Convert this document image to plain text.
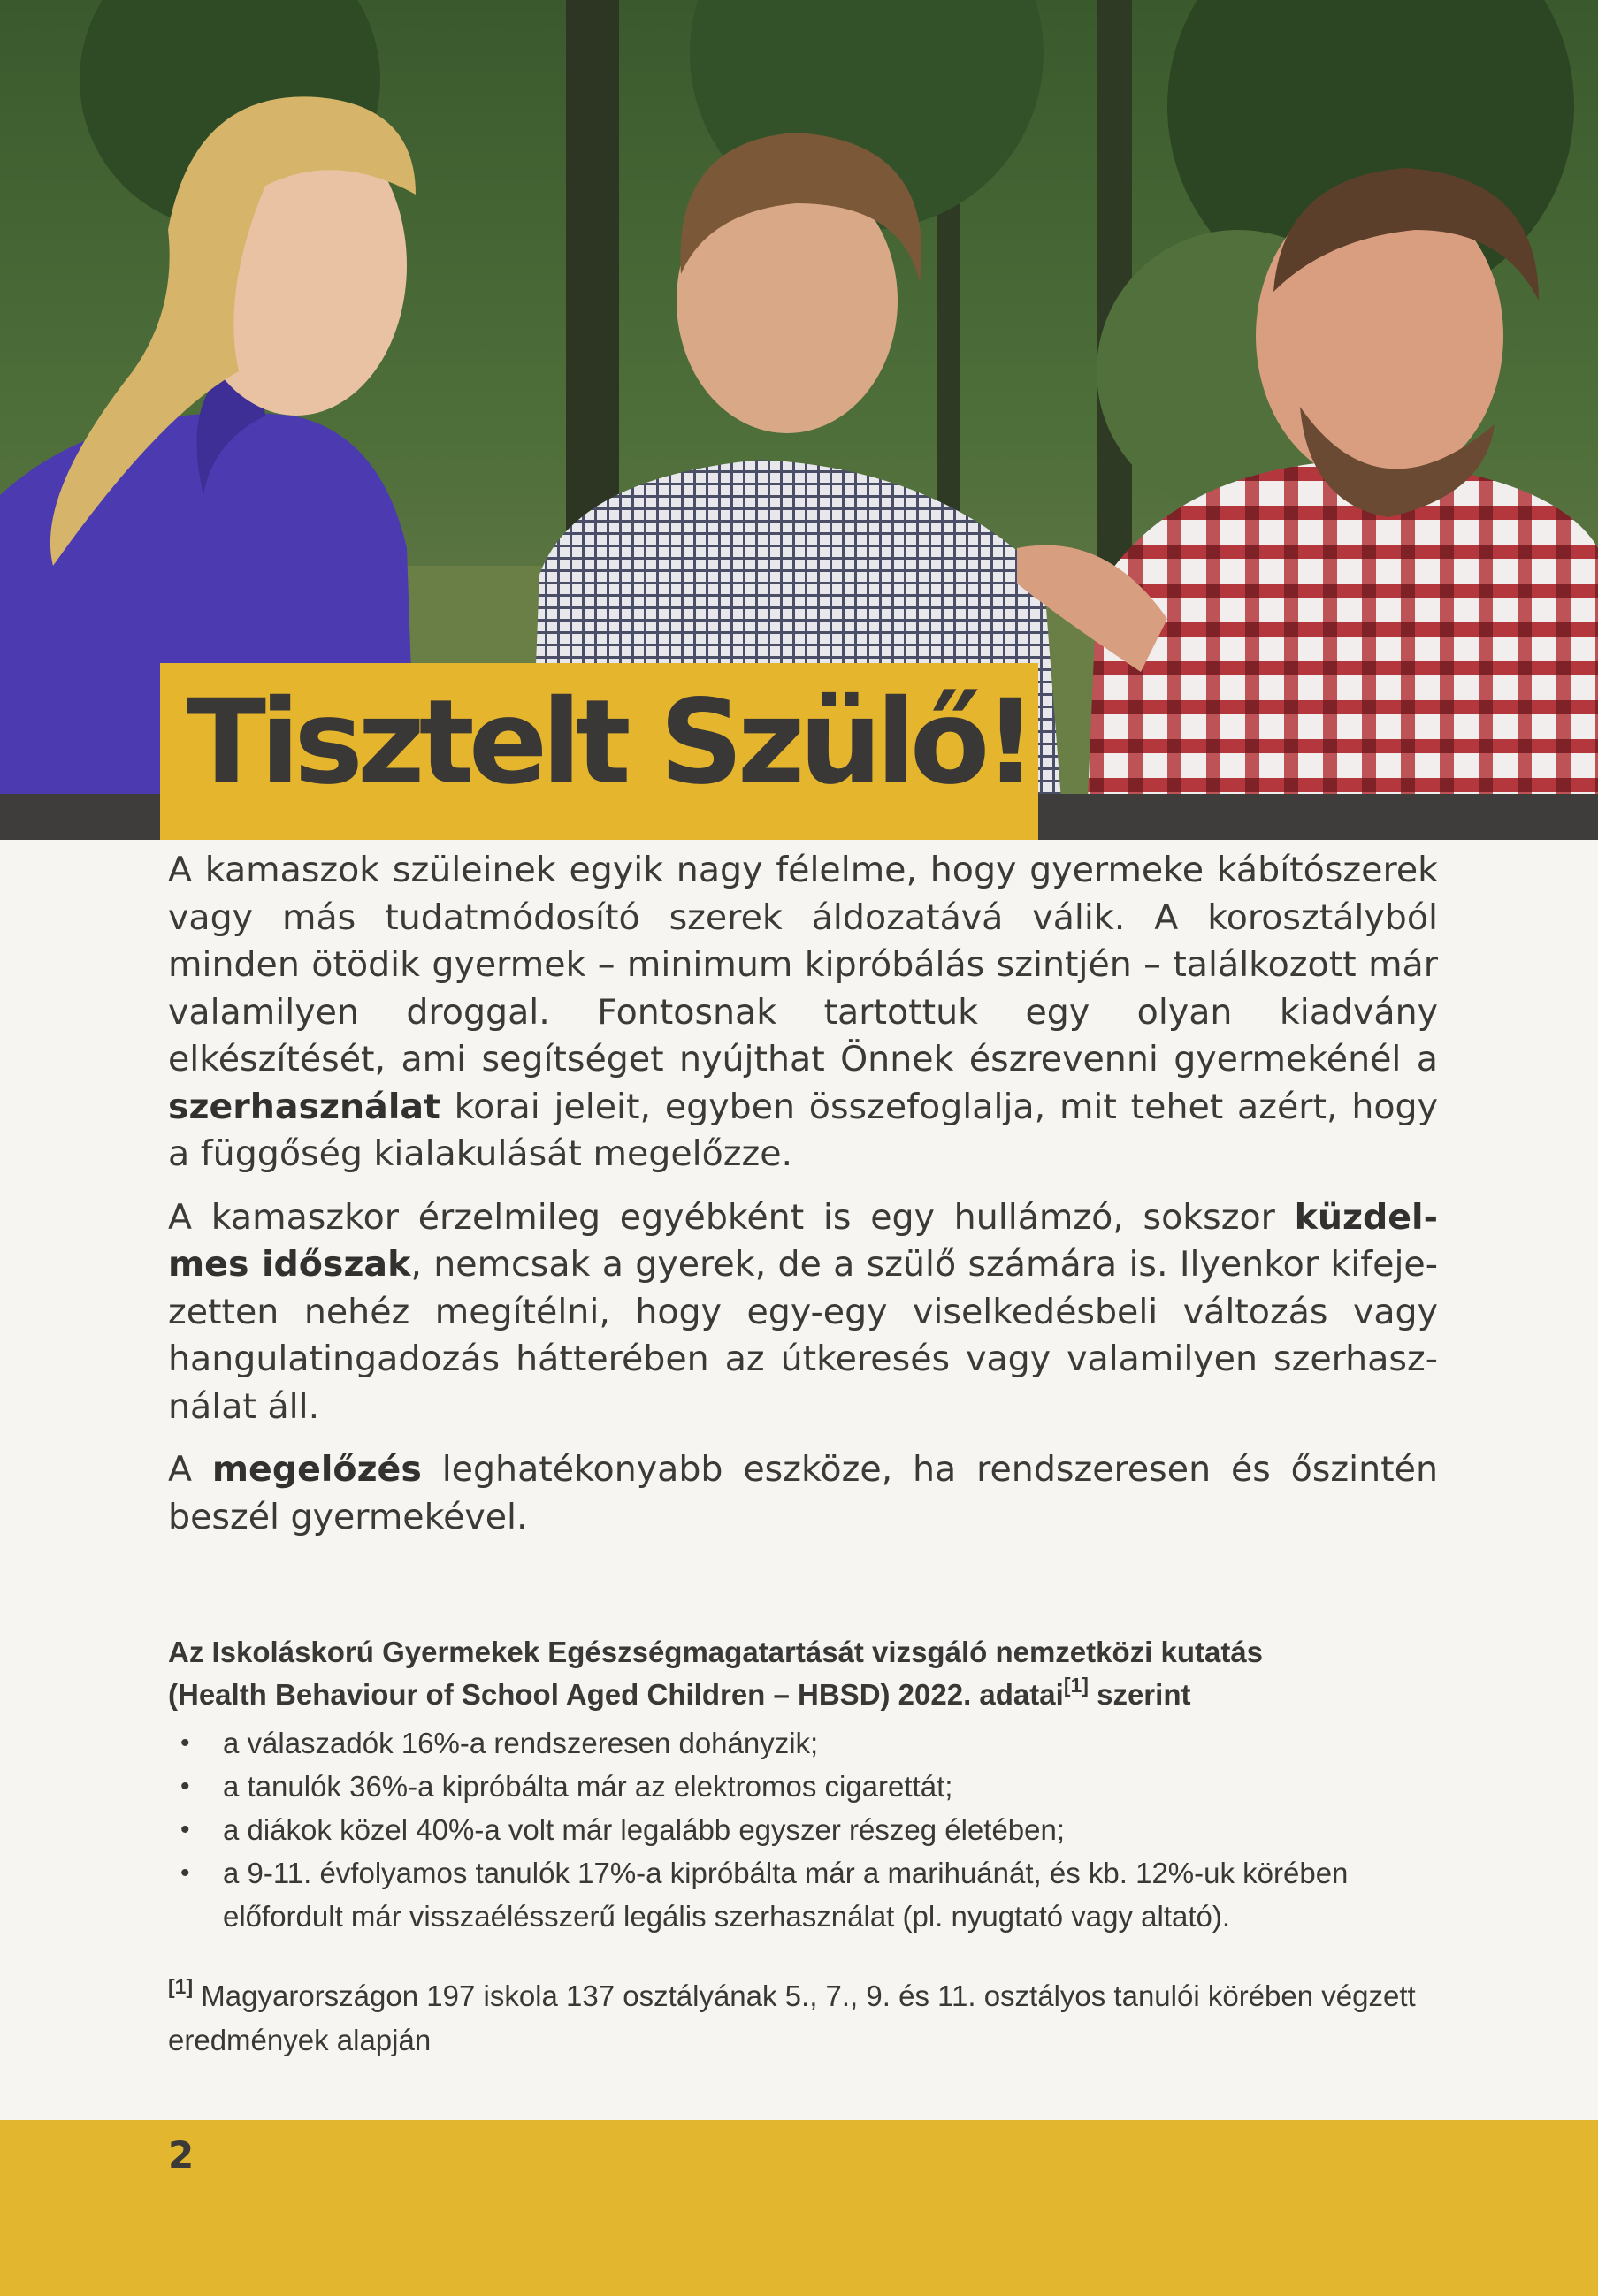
Tisztelt Szülő!

A kamaszok szüleinek egyik nagy félelme, hogy gyermeke kábítószerek vagy más tudatmódosító szerek áldozatává válik. A korosztályból minden ötödik gyermek – minimum kipróbálás szintjén – találkozott már valamilyen droggal. Fontosnak tartottuk egy olyan kiadvány elkészítését, ami segítséget nyújthat Önnek észrevenni gyermekénél a szerhasználat korai jeleit, egyben összefoglalja, mit tehet azért, hogy a függőség kialakulását megelőzze.

A kamaszkor érzelmileg egyébként is egy hullámzó, sokszor küzdelmes időszak, nemcsak a gyerek, de a szülő számára is. Ilyenkor kifejezetten nehéz megítélni, hogy egy-egy viselkedésbeli változás vagy hangulatingadozás hátterében az útkeresés vagy valamilyen szerhasználat áll.

A megelőzés leghatékonyabb eszköze, ha rendszeresen és őszintén beszél gyermekével.

Az Iskoláskorú Gyermekek Egészségmagatartását vizsgáló nemzetközi kutatás
(Health Behaviour of School Aged Children – HBSD) 2022. adatai[1] szerint

• a válaszadók 16%-a rendszeresen dohányzik;
• a tanulók 36%-a kipróbálta már az elektromos cigarettát;
• a diákok közel 40%-a volt már legalább egyszer részeg életében;
• a 9-11. évfolyamos tanulók 17%-a kipróbálta már a marihuánát, és kb. 12%-uk körében előfordult már visszaélésszerű legális szerhasználat (pl. nyugtató vagy altató).

[1] Magyarországon 197 iskola 137 osztályának 5., 7., 9. és 11. osztályos tanulói körében végzett eredmények alapján

2
